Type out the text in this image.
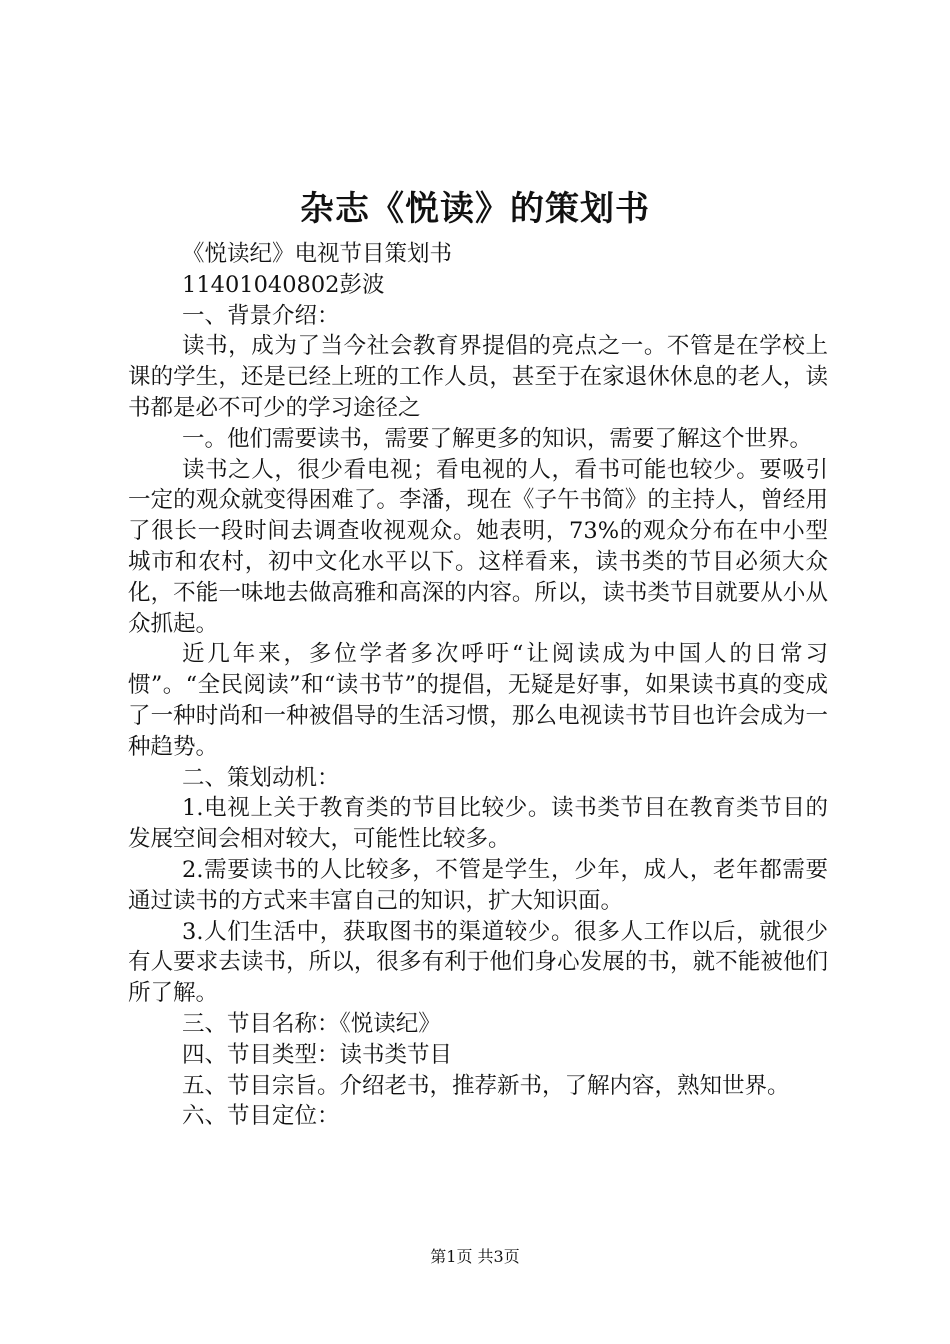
杂志《悦读》的策划书

《悦读纪》电视节目策划书

11401040802彭波

一、背景介绍：

读书，成为了当今社会教育界提倡的亮点之一。不管是在学校上课的学生，还是已经上班的工作人员，甚至于在家退休休息的老人，读书都是必不可少的学习途径之

一。他们需要读书，需要了解更多的知识，需要了解这个世界。

读书之人，很少看电视；看电视的人，看书可能也较少。要吸引一定的观众就变得困难了。李潘，现在《子午书简》的主持人，曾经用了很长一段时间去调查收视观众。她表明，73%的观众分布在中小型城市和农村，初中文化水平以下。这样看来，读书类的节目必须大众化，不能一味地去做高雅和高深的内容。所以，读书类节目就要从小从众抓起。

近几年来，多位学者多次呼吁“让阅读成为中国人的日常习惯”。“全民阅读”和“读书节”的提倡，无疑是好事，如果读书真的变成了一种时尚和一种被倡导的生活习惯，那么电视读书节目也许会成为一种趋势。

二、策划动机：

1.电视上关于教育类的节目比较少。读书类节目在教育类节目的发展空间会相对较大，可能性比较多。

2.需要读书的人比较多，不管是学生，少年，成人，老年都需要通过读书的方式来丰富自己的知识，扩大知识面。

3.人们生活中，获取图书的渠道较少。很多人工作以后，就很少有人要求去读书，所以，很多有利于他们身心发展的书，就不能被他们所了解。

三、节目名称：《悦读纪》

四、节目类型：读书类节目

五、节目宗旨。介绍老书，推荐新书，了解内容，熟知世界。

六、节目定位：

第1页 共3页
